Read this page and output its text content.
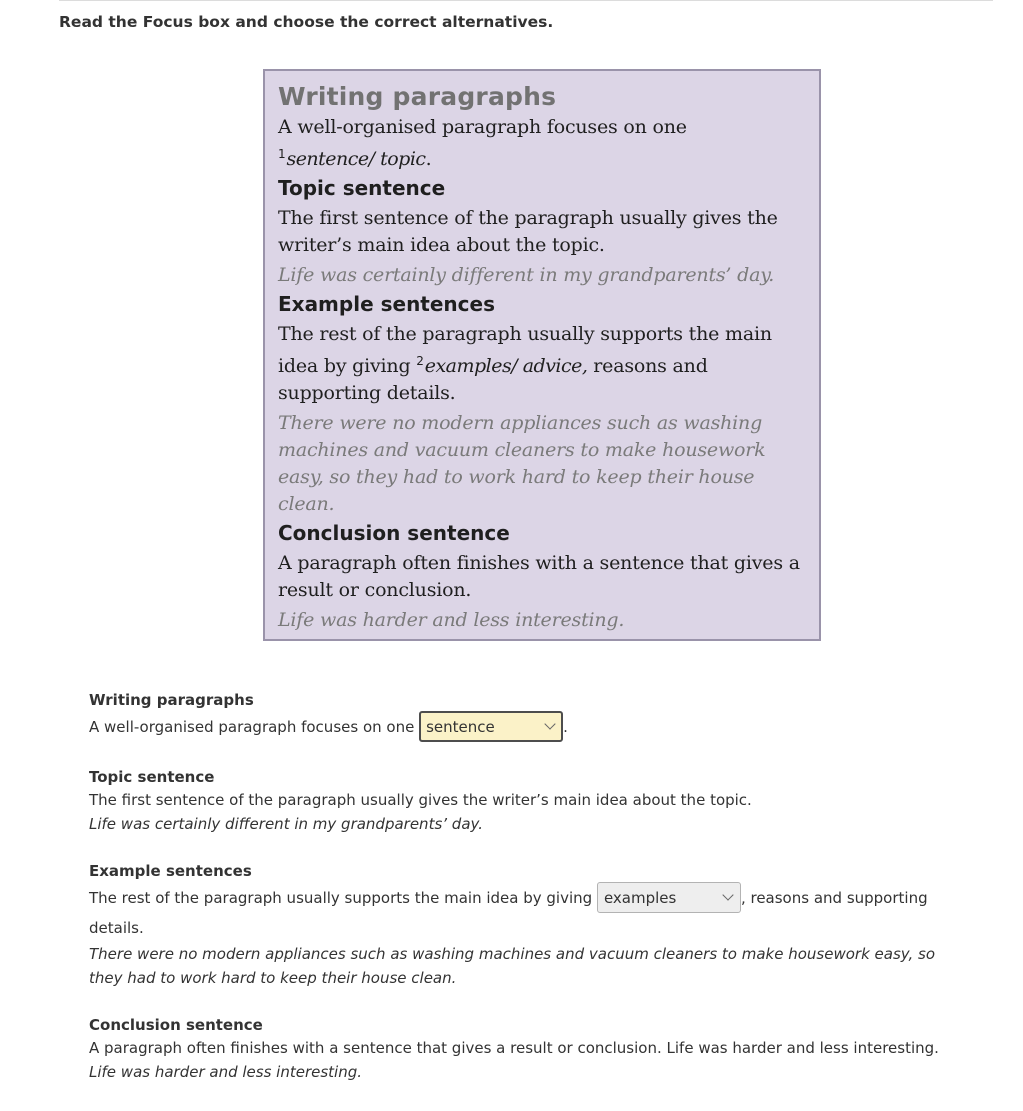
Read the Focus box and choose the correct alternatives.
Writing paragraphs
A well-organised paragraph focuses on one
$^1$sentence/ topic.
Topic sentence
The first sentence of the paragraph usually gives the writer’s main idea about the topic.
Life was certainly different in my grandparents’ day.
Example sentences
The rest of the paragraph usually supports the main idea by giving $^2$examples/ advice, reasons and supporting details.
There were no modern appliances such as washing machines and vacuum cleaners to make housework easy, so they had to work hard to keep their house clean.
Conclusion sentence
A paragraph often finishes with a sentence that gives a result or conclusion.
Life was harder and less interesting.
Writing paragraphs
A well-organised paragraph focuses on one sentence	.
Topic sentence
The first sentence of the paragraph usually gives the writer’s main idea about the topic.
Life was certainly different in my grandparents’ day.
Example sentences
The rest of the paragraph usually supports the main idea by giving examples	, reasons and supporting details.
There were no modern appliances such as washing machines and vacuum cleaners to make housework easy, so they had to work hard to keep their house clean.
Conclusion sentence
A paragraph often finishes with a sentence that gives a result or conclusion. Life was harder and less interesting.
Life was harder and less interesting.
